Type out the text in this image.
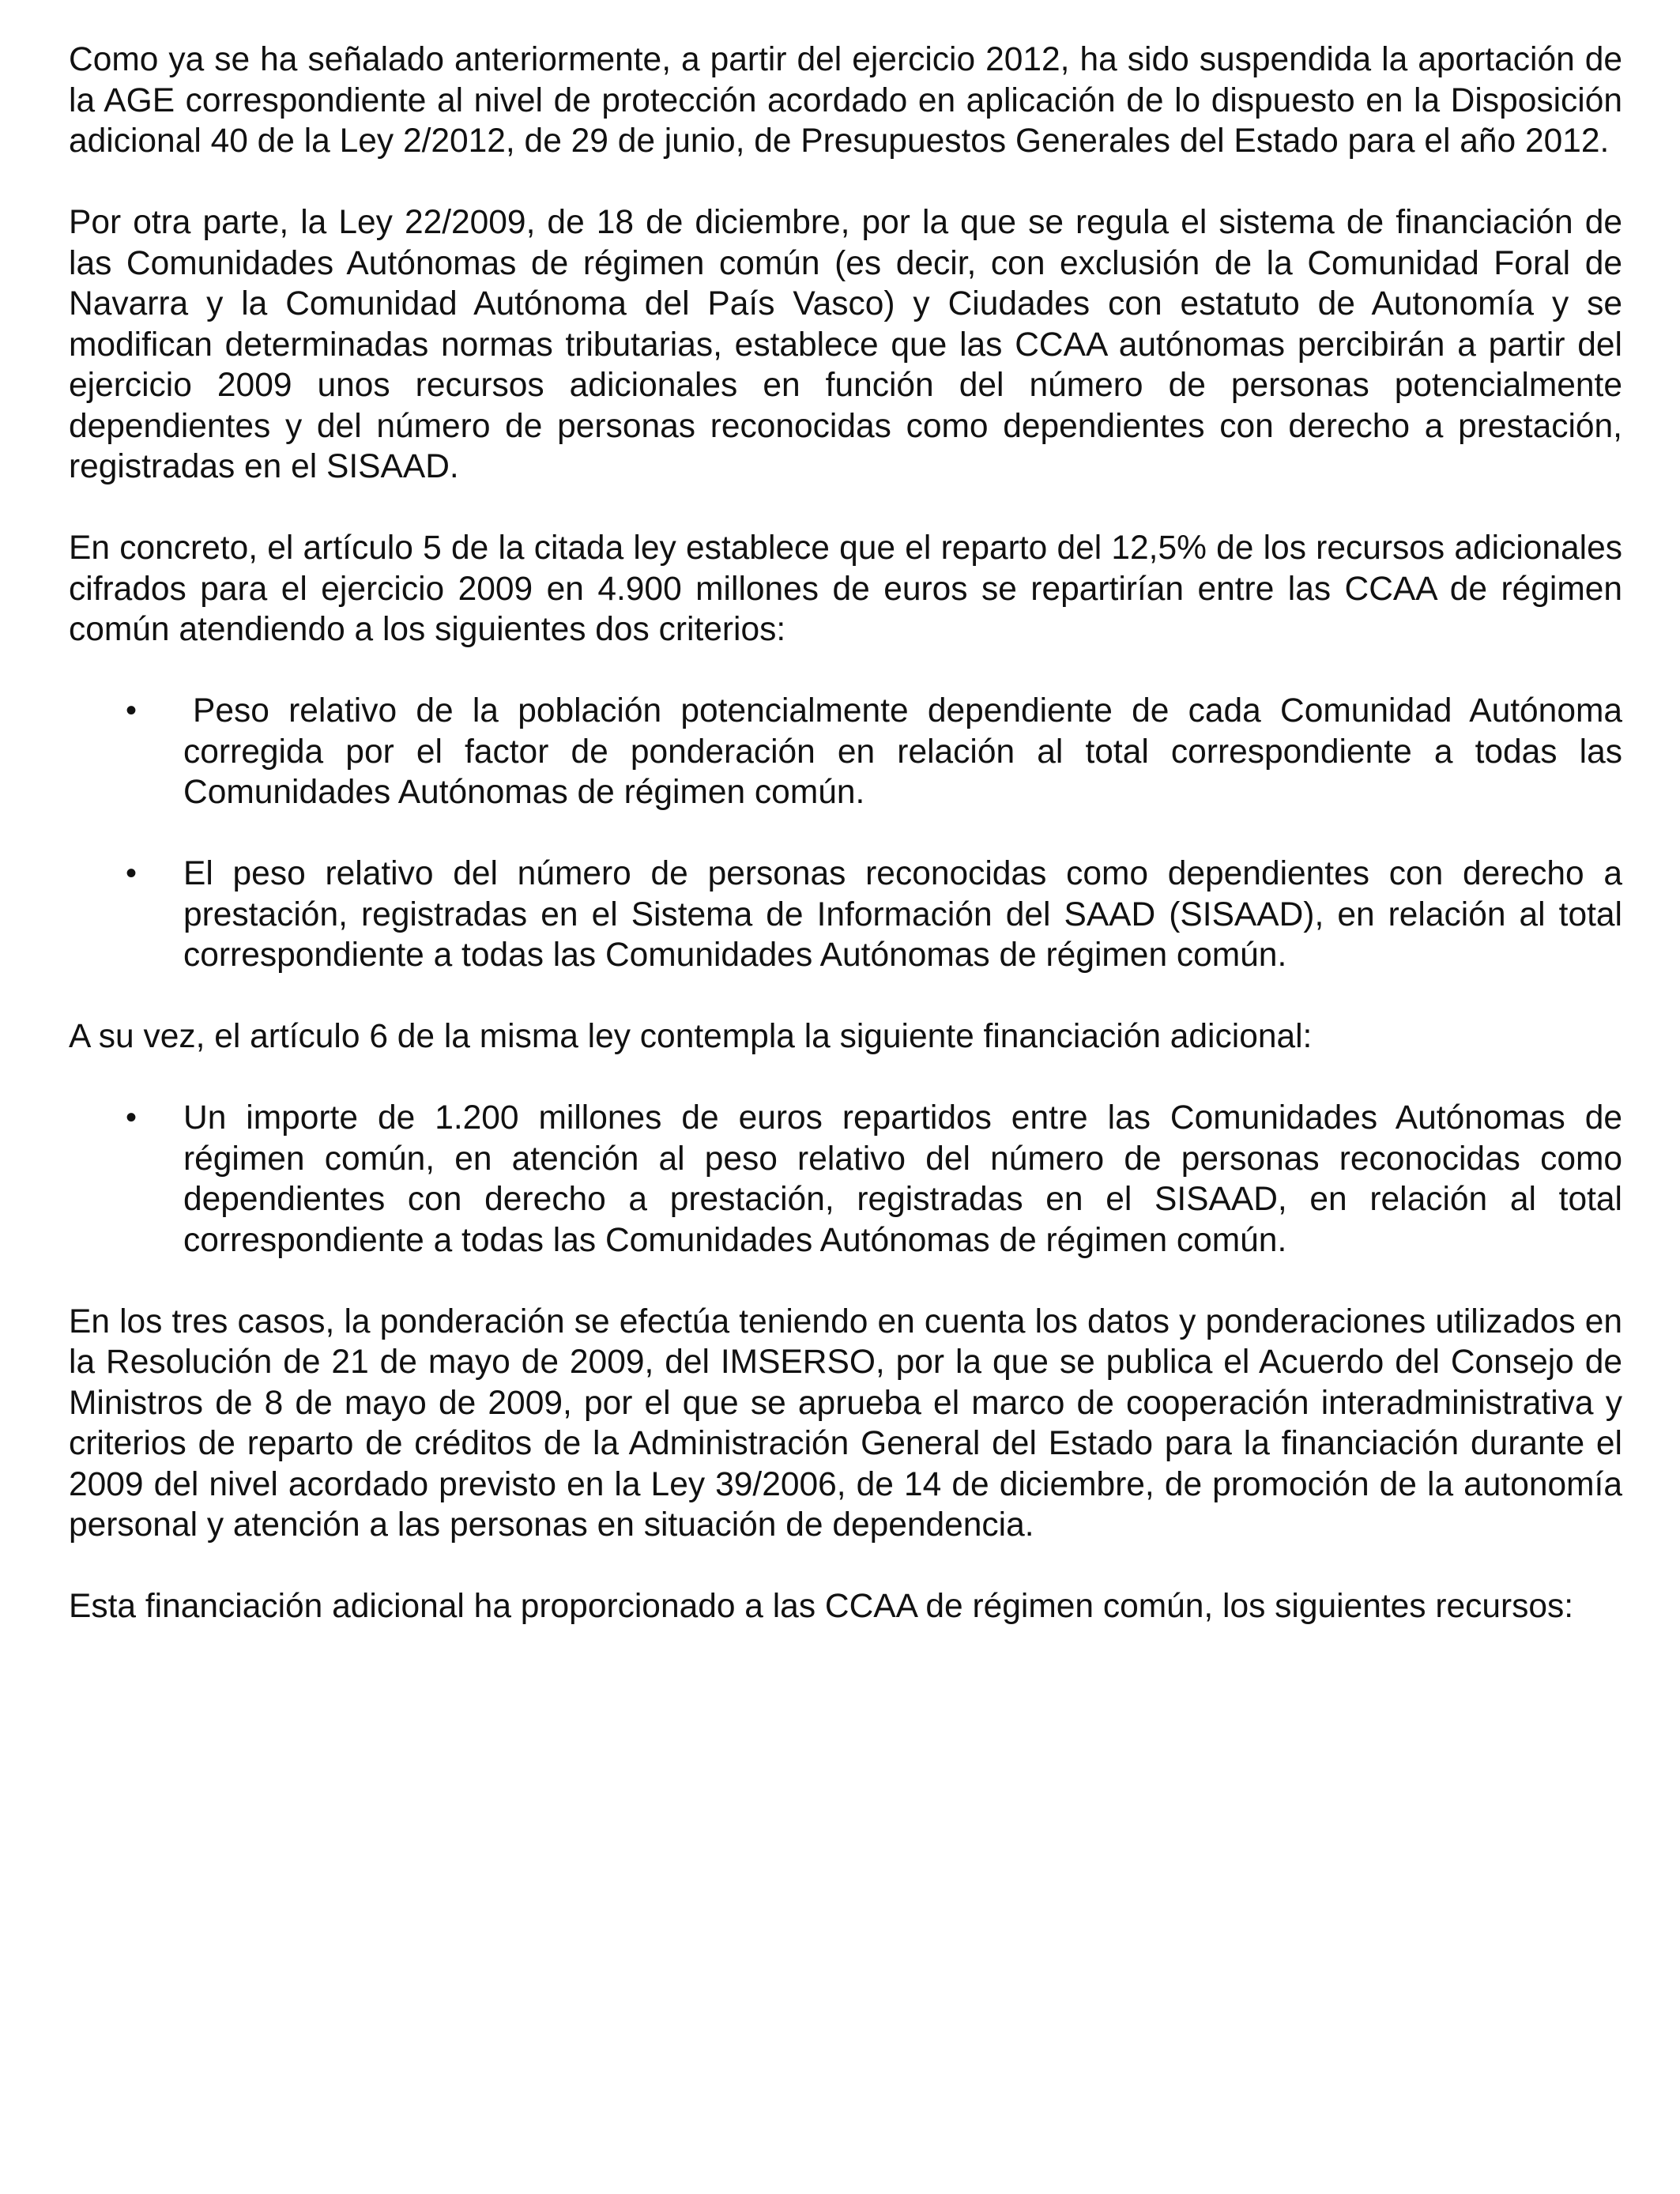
Como ya se ha señalado anteriormente, a partir del ejercicio 2012, ha sido suspendida la aportación de la AGE correspondiente al nivel de protección acordado en aplicación de lo dispuesto en la Disposición adicional 40 de la Ley 2/2012, de 29 de junio, de Presupuestos Generales del Estado para el año 2012.

Por otra parte, la Ley 22/2009, de 18 de diciembre, por la que se regula el sistema de financiación de las Comunidades Autónomas de régimen común (es decir, con exclusión de la Comunidad Foral de Navarra y la Comunidad Autónoma del País Vasco) y Ciudades con estatuto de Autonomía y se modifican determinadas normas tributarias, establece que las CCAA autónomas percibirán a partir del ejercicio 2009 unos recursos adicionales en función del número de personas potencialmente dependientes y del número de personas reconocidas como dependientes con derecho a prestación, registradas en el SISAAD.

En concreto, el artículo 5 de la citada ley establece que el reparto del 12,5% de los recursos adicionales cifrados para el ejercicio 2009 en 4.900 millones de euros se repartirían entre las CCAA de régimen común atendiendo a los siguientes dos criterios:

• Peso relativo de la población potencialmente dependiente de cada Comunidad Autónoma corregida por el factor de ponderación en relación al total correspondiente a todas las Comunidades Autónomas de régimen común.
• El peso relativo del número de personas reconocidas como dependientes con derecho a prestación, registradas en el Sistema de Información del SAAD (SISAAD), en relación al total correspondiente a todas las Comunidades Autónomas de régimen común.

A su vez, el artículo 6 de la misma ley contempla la siguiente financiación adicional:

• Un importe de 1.200 millones de euros repartidos entre las Comunidades Autónomas de régimen común, en atención al peso relativo del número de personas reconocidas como dependientes con derecho a prestación, registradas en el SISAAD, en relación al total correspondiente a todas las Comunidades Autónomas de régimen común.

En los tres casos, la ponderación se efectúa teniendo en cuenta los datos y ponderaciones utilizados en la Resolución de 21 de mayo de 2009, del IMSERSO, por la que se publica el Acuerdo del Consejo de Ministros de 8 de mayo de 2009, por el que se aprueba el marco de cooperación interadministrativa y criterios de reparto de créditos de la Administración General del Estado para la financiación durante el 2009 del nivel acordado previsto en la Ley 39/2006, de 14 de diciembre, de promoción de la autonomía personal y atención a las personas en situación de dependencia.

Esta financiación adicional ha proporcionado a las CCAA de régimen común, los siguientes recursos:
